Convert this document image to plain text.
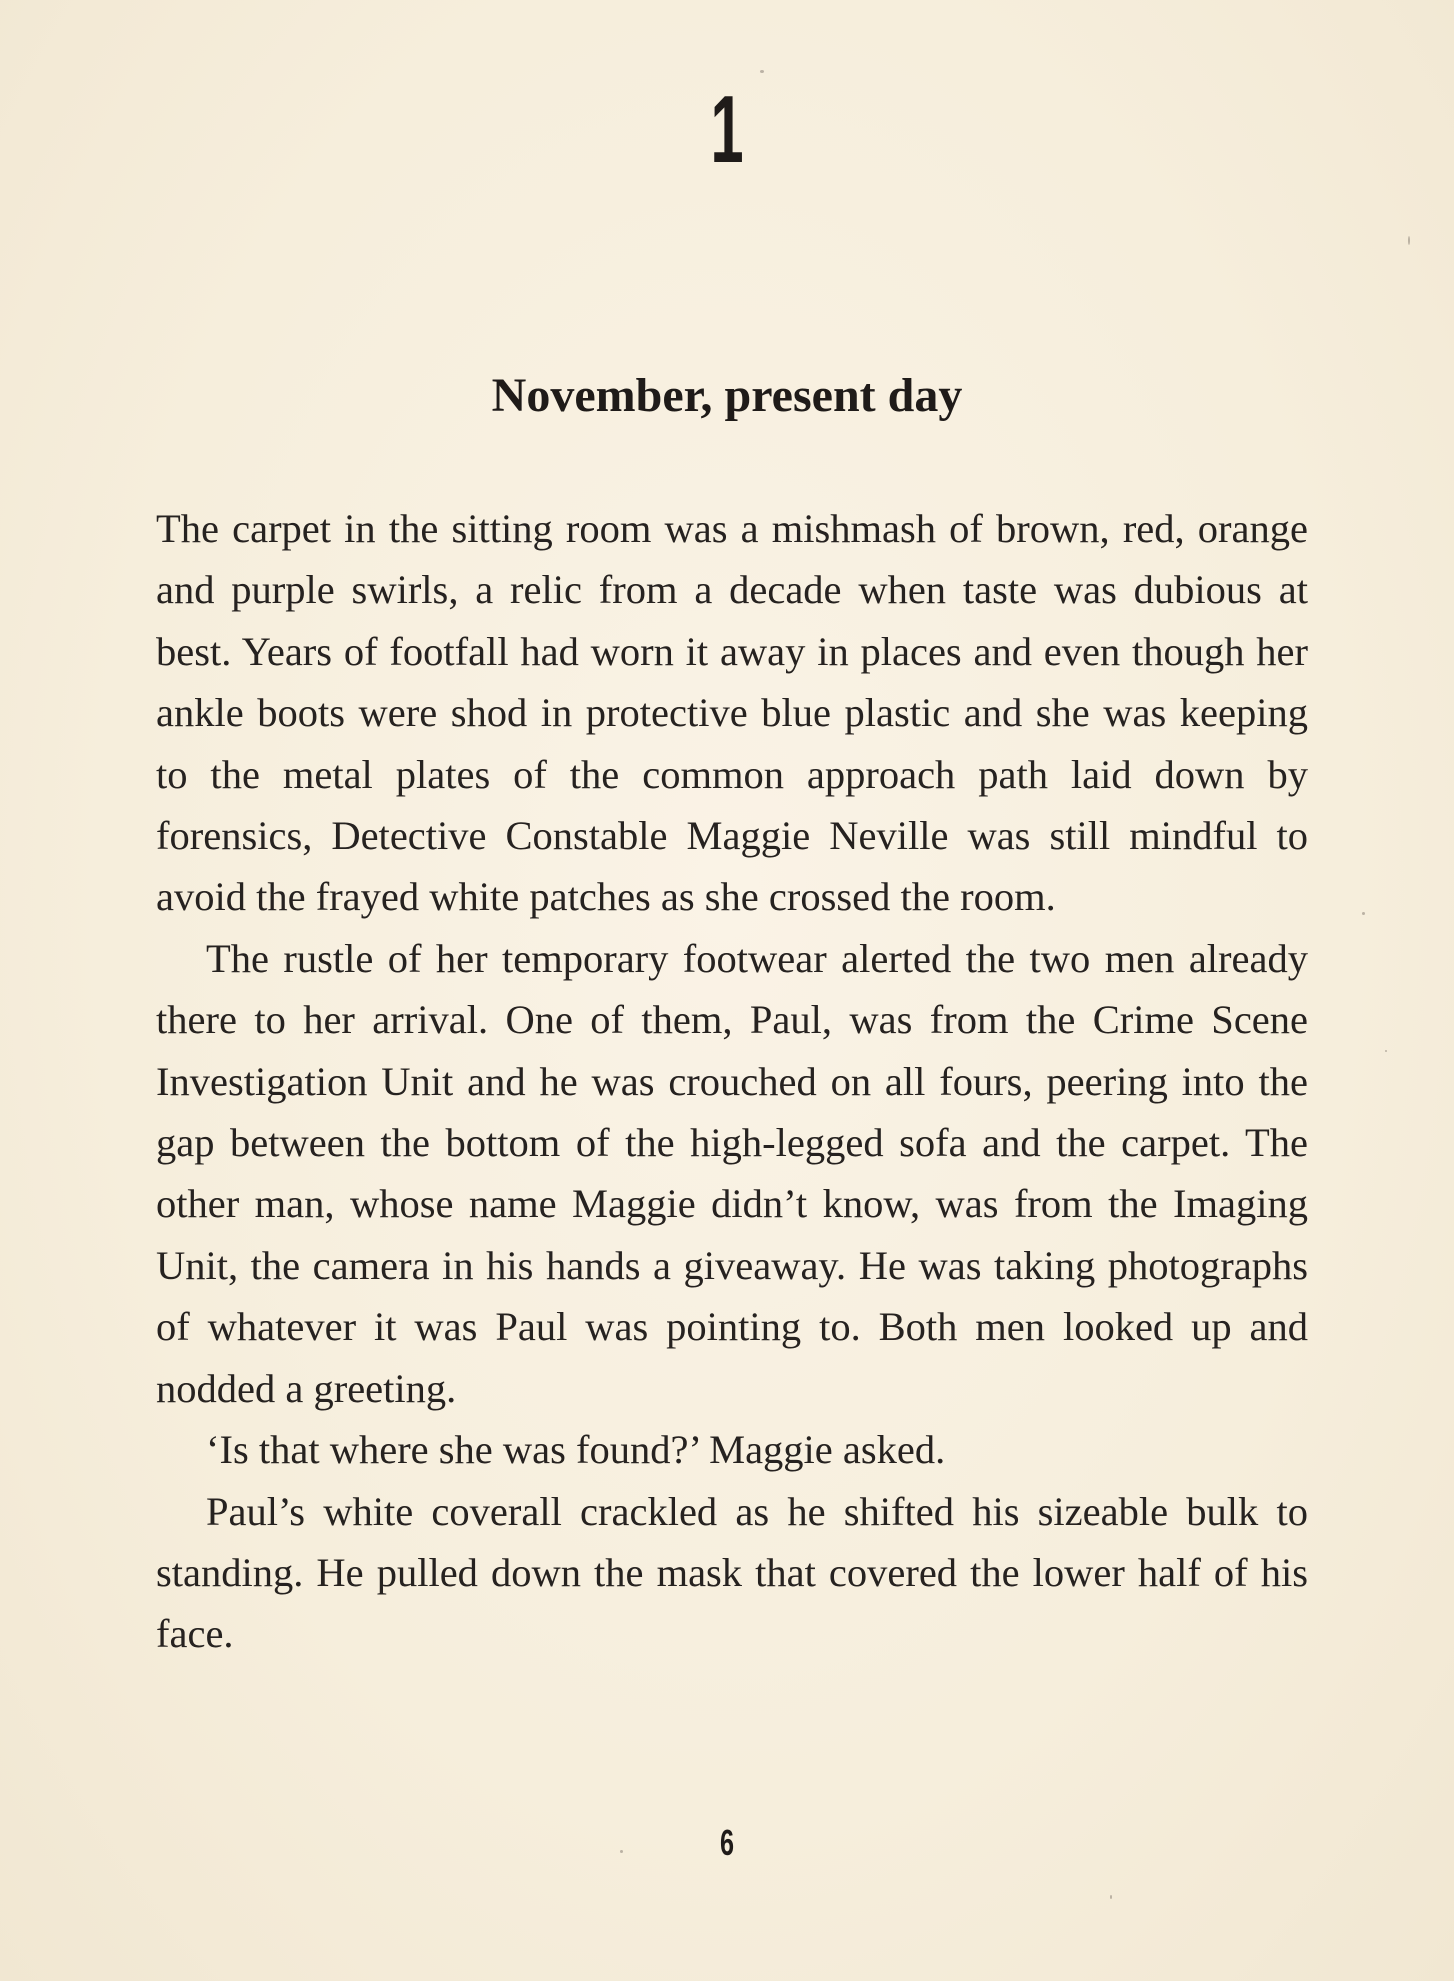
1
November, present day

The carpet in the sitting room was a mishmash of brown, red, orange and purple swirls, a relic from a decade when taste was dubious at best. Years of footfall had worn it away in places and even though her ankle boots were shod in protective blue plastic and she was keeping to the metal plates of the common approach path laid down by forensics, Detective Constable Maggie Neville was still mindful to avoid the frayed white patches as she crossed the room.

The rustle of her temporary footwear alerted the two men already there to her arrival. One of them, Paul, was from the Crime Scene Investigation Unit and he was crouched on all fours, peering into the gap between the bottom of the high-legged sofa and the carpet. The other man, whose name Maggie didn’t know, was from the Imaging Unit, the camera in his hands a giveaway. He was taking photographs of whatever it was Paul was pointing to. Both men looked up and nodded a greeting.

‘Is that where she was found?’ Maggie asked.

Paul’s white coverall crackled as he shifted his sizeable bulk to standing. He pulled down the mask that covered the lower half of his face.

6
